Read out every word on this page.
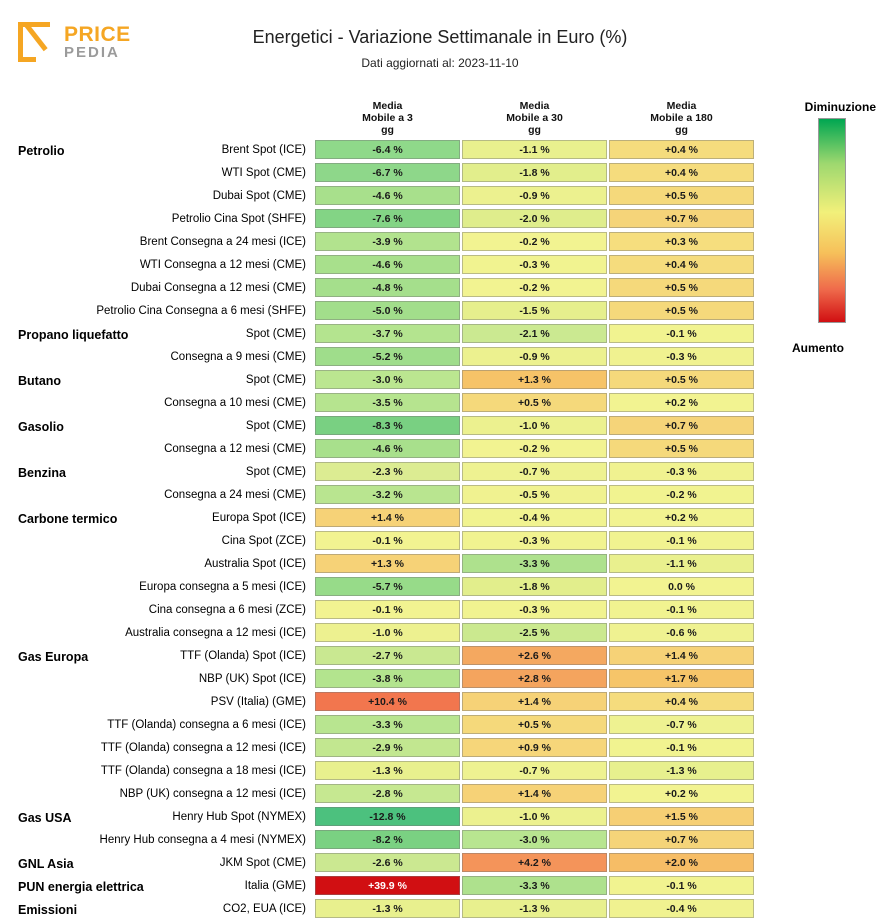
PRICE
PEDIA
Energetici - Variazione Settimanale in Euro (%)
Dati aggiornati al: 2023-11-10
Diminuzione
Aumento
Media
Mobile a 3
gg
Media
Mobile a 30
gg
Media
Mobile a 180
gg
Petrolio	Brent Spot (ICE)	-6.4 %	-1.1 %	+0.4 %
WTI Spot (CME)	-6.7 %	-1.8 %	+0.4 %
Dubai Spot (CME)	-4.6 %	-0.9 %	+0.5 %
Petrolio Cina Spot (SHFE)	-7.6 %	-2.0 %	+0.7 %
Brent Consegna a 24 mesi (ICE)	-3.9 %	-0.2 %	+0.3 %
WTI Consegna a 12 mesi (CME)	-4.6 %	-0.3 %	+0.4 %
Dubai Consegna a 12 mesi (CME)	-4.8 %	-0.2 %	+0.5 %
Petrolio Cina Consegna a 6 mesi (SHFE)	-5.0 %	-1.5 %	+0.5 %
Propano liquefatto	Spot (CME)	-3.7 %	-2.1 %	-0.1 %
Consegna a 9 mesi (CME)	-5.2 %	-0.9 %	-0.3 %
Butano	Spot (CME)	-3.0 %	+1.3 %	+0.5 %
Consegna a 10 mesi (CME)	-3.5 %	+0.5 %	+0.2 %
Gasolio	Spot (CME)	-8.3 %	-1.0 %	+0.7 %
Consegna a 12 mesi (CME)	-4.6 %	-0.2 %	+0.5 %
Benzina	Spot (CME)	-2.3 %	-0.7 %	-0.3 %
Consegna a 24 mesi (CME)	-3.2 %	-0.5 %	-0.2 %
Carbone termico	Europa Spot (ICE)	+1.4 %	-0.4 %	+0.2 %
Cina Spot (ZCE)	-0.1 %	-0.3 %	-0.1 %
Australia Spot (ICE)	+1.3 %	-3.3 %	-1.1 %
Europa consegna a 5 mesi (ICE)	-5.7 %	-1.8 %	0.0 %
Cina consegna a 6 mesi (ZCE)	-0.1 %	-0.3 %	-0.1 %
Australia consegna a 12 mesi (ICE)	-1.0 %	-2.5 %	-0.6 %
Gas Europa	TTF (Olanda) Spot (ICE)	-2.7 %	+2.6 %	+1.4 %
NBP (UK) Spot (ICE)	-3.8 %	+2.8 %	+1.7 %
PSV (Italia) (GME)	+10.4 %	+1.4 %	+0.4 %
TTF (Olanda) consegna a 6 mesi (ICE)	-3.3 %	+0.5 %	-0.7 %
TTF (Olanda) consegna a 12 mesi (ICE)	-2.9 %	+0.9 %	-0.1 %
TTF (Olanda) consegna a 18 mesi (ICE)	-1.3 %	-0.7 %	-1.3 %
NBP (UK) consegna a 12 mesi (ICE)	-2.8 %	+1.4 %	+0.2 %
Gas USA	Henry Hub Spot (NYMEX)	-12.8 %	-1.0 %	+1.5 %
Henry Hub consegna a 4 mesi (NYMEX)	-8.2 %	-3.0 %	+0.7 %
GNL Asia	JKM Spot (CME)	-2.6 %	+4.2 %	+2.0 %
PUN energia elettrica	Italia (GME)	+39.9 %	-3.3 %	-0.1 %
Emissioni	CO2, EUA (ICE)	-1.3 %	-1.3 %	-0.4 %
